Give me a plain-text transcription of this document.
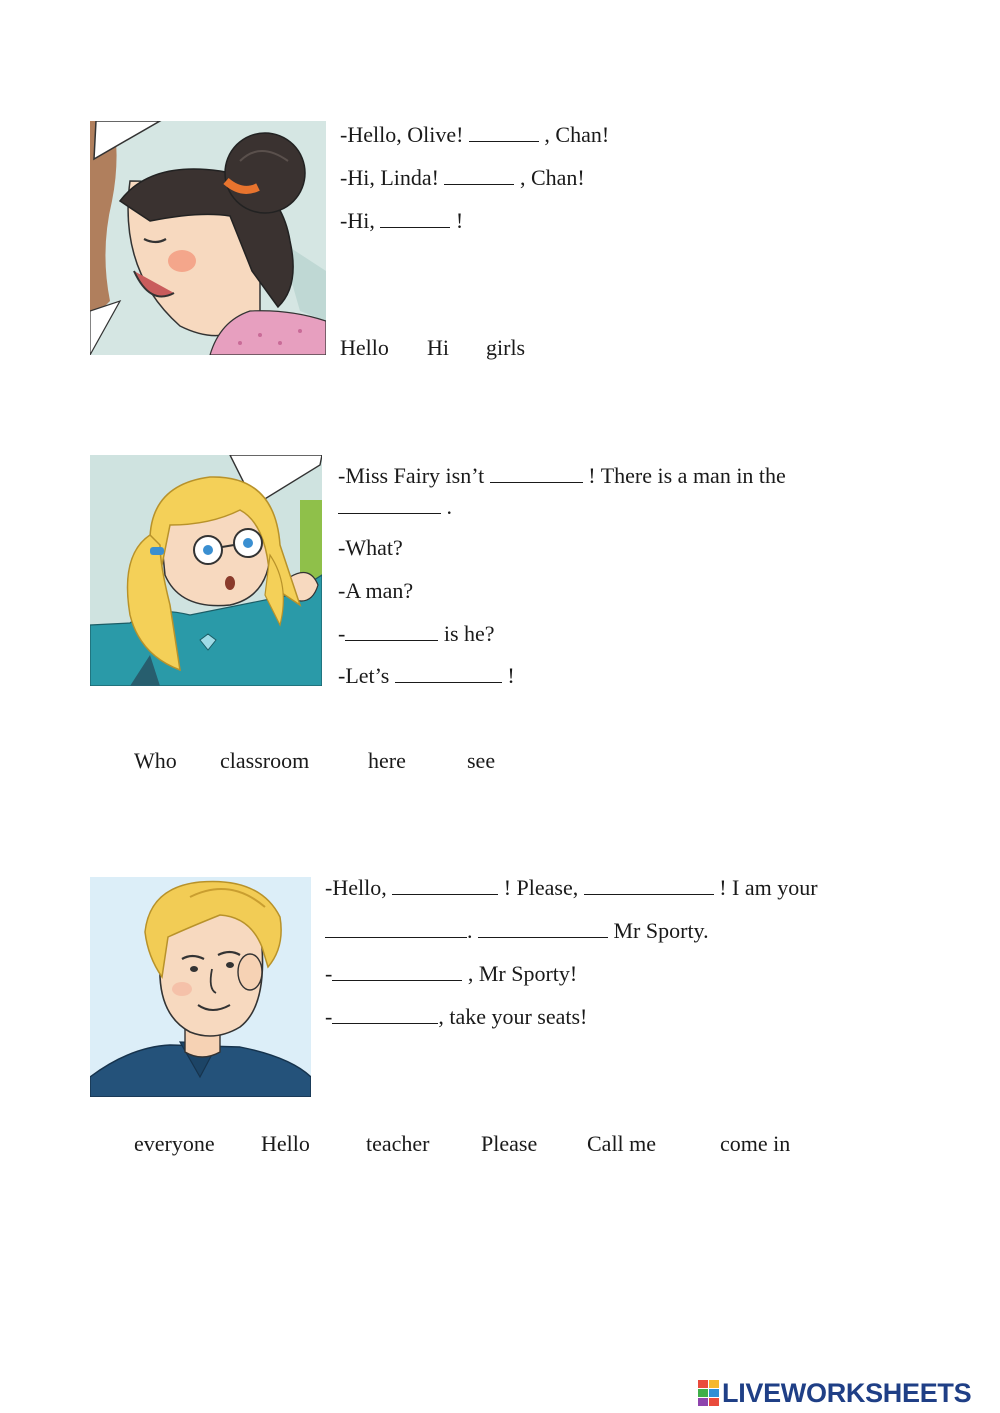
-Hello, Olive!	, Chan!
-Hi, Linda!	, Chan!
-Hi,	!
Hello Hi girls
-Miss Fairy isn’t	! There is a man in the
.
-What?
-A man?
-	is he?
-Let’s	!
Who classroom	here	see
-Hello,	! Please,	! I am your
.	Mr Sporty.
-	, Mr Sporty!
-	, take your seats!
everyone Hello	teacher Please Call me	come in
LIVEWORKSHEETS
